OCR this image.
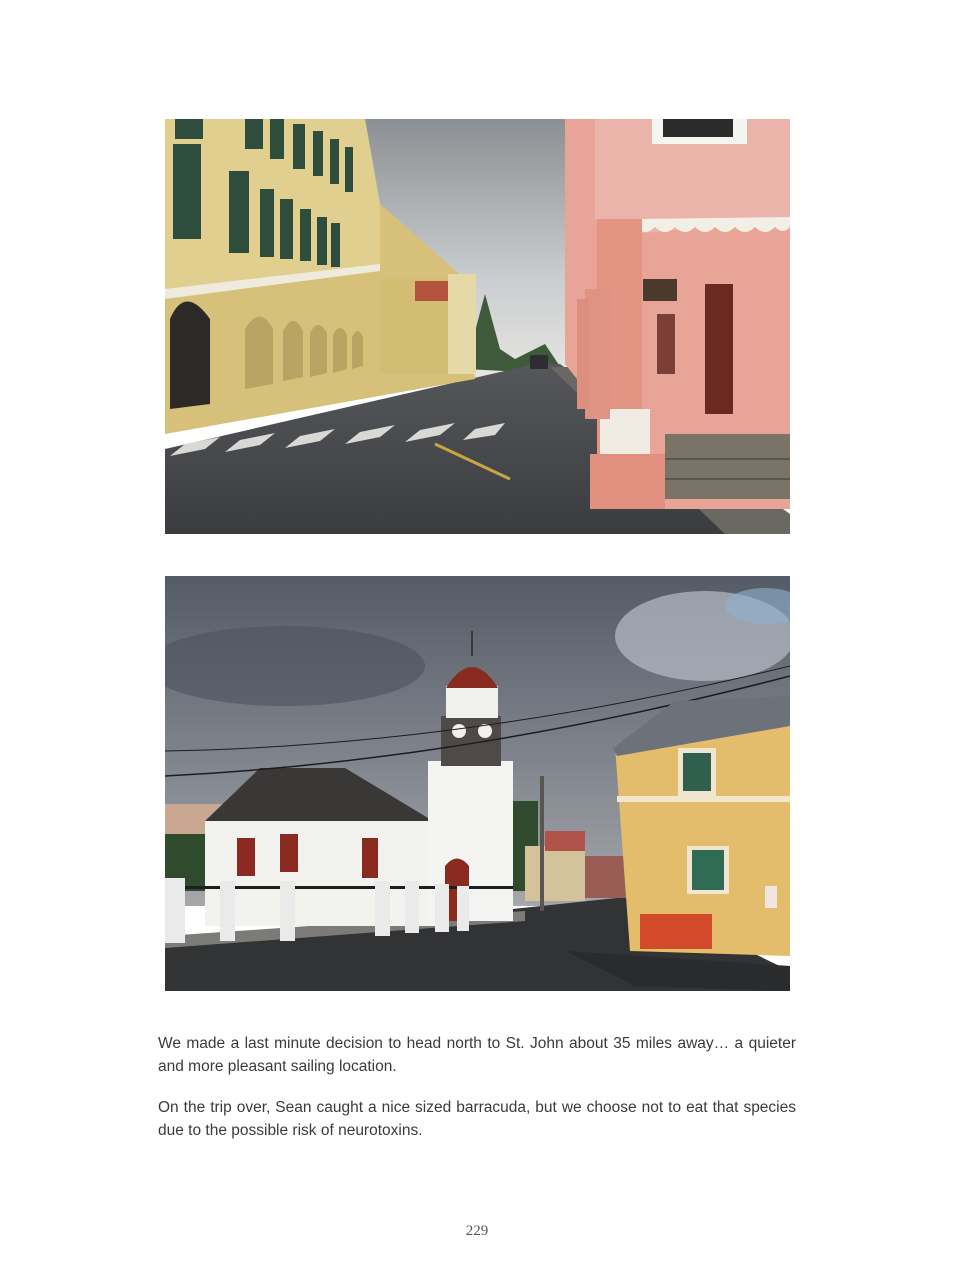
We made a last minute decision to head north to St. John about 35 miles away… a quieter and more pleasant sailing location.
On the trip over, Sean caught a nice sized barracuda, but we choose not to eat that species due to the possible risk of neurotoxins.
229
